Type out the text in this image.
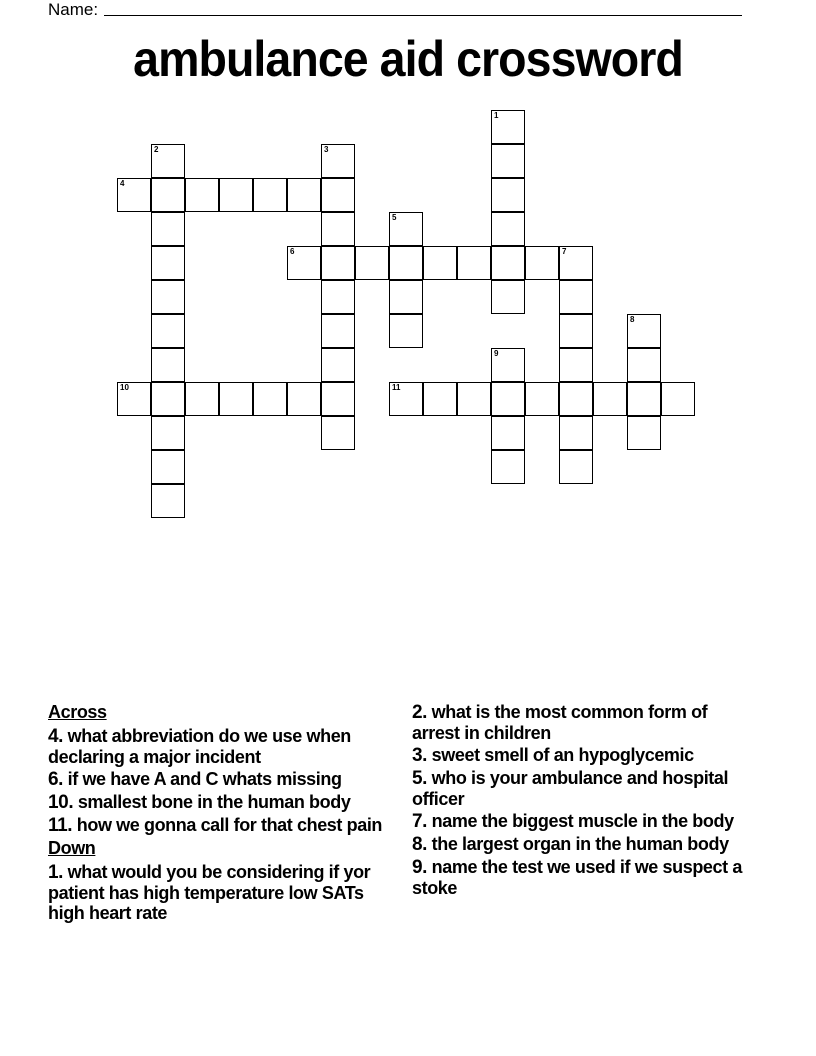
Name:
ambulance aid crossword
1
2	3
4
5
6	7
8
9
10	11
Across
4. what abbreviation do we use when declaring a major incident
6. if we have A and C whats missing
10. smallest bone in the human body
11. how we gonna call for that chest pain
Down
1. what would you be considering if yor patient has high temperature low SATs high heart rate
2. what is the most common form of arrest in children
3. sweet smell of an hypoglycemic
5. who is your ambulance and hospital officer
7. name the biggest muscle in the body
8. the largest organ in the human body
9. name the test we used if we suspect a stoke
